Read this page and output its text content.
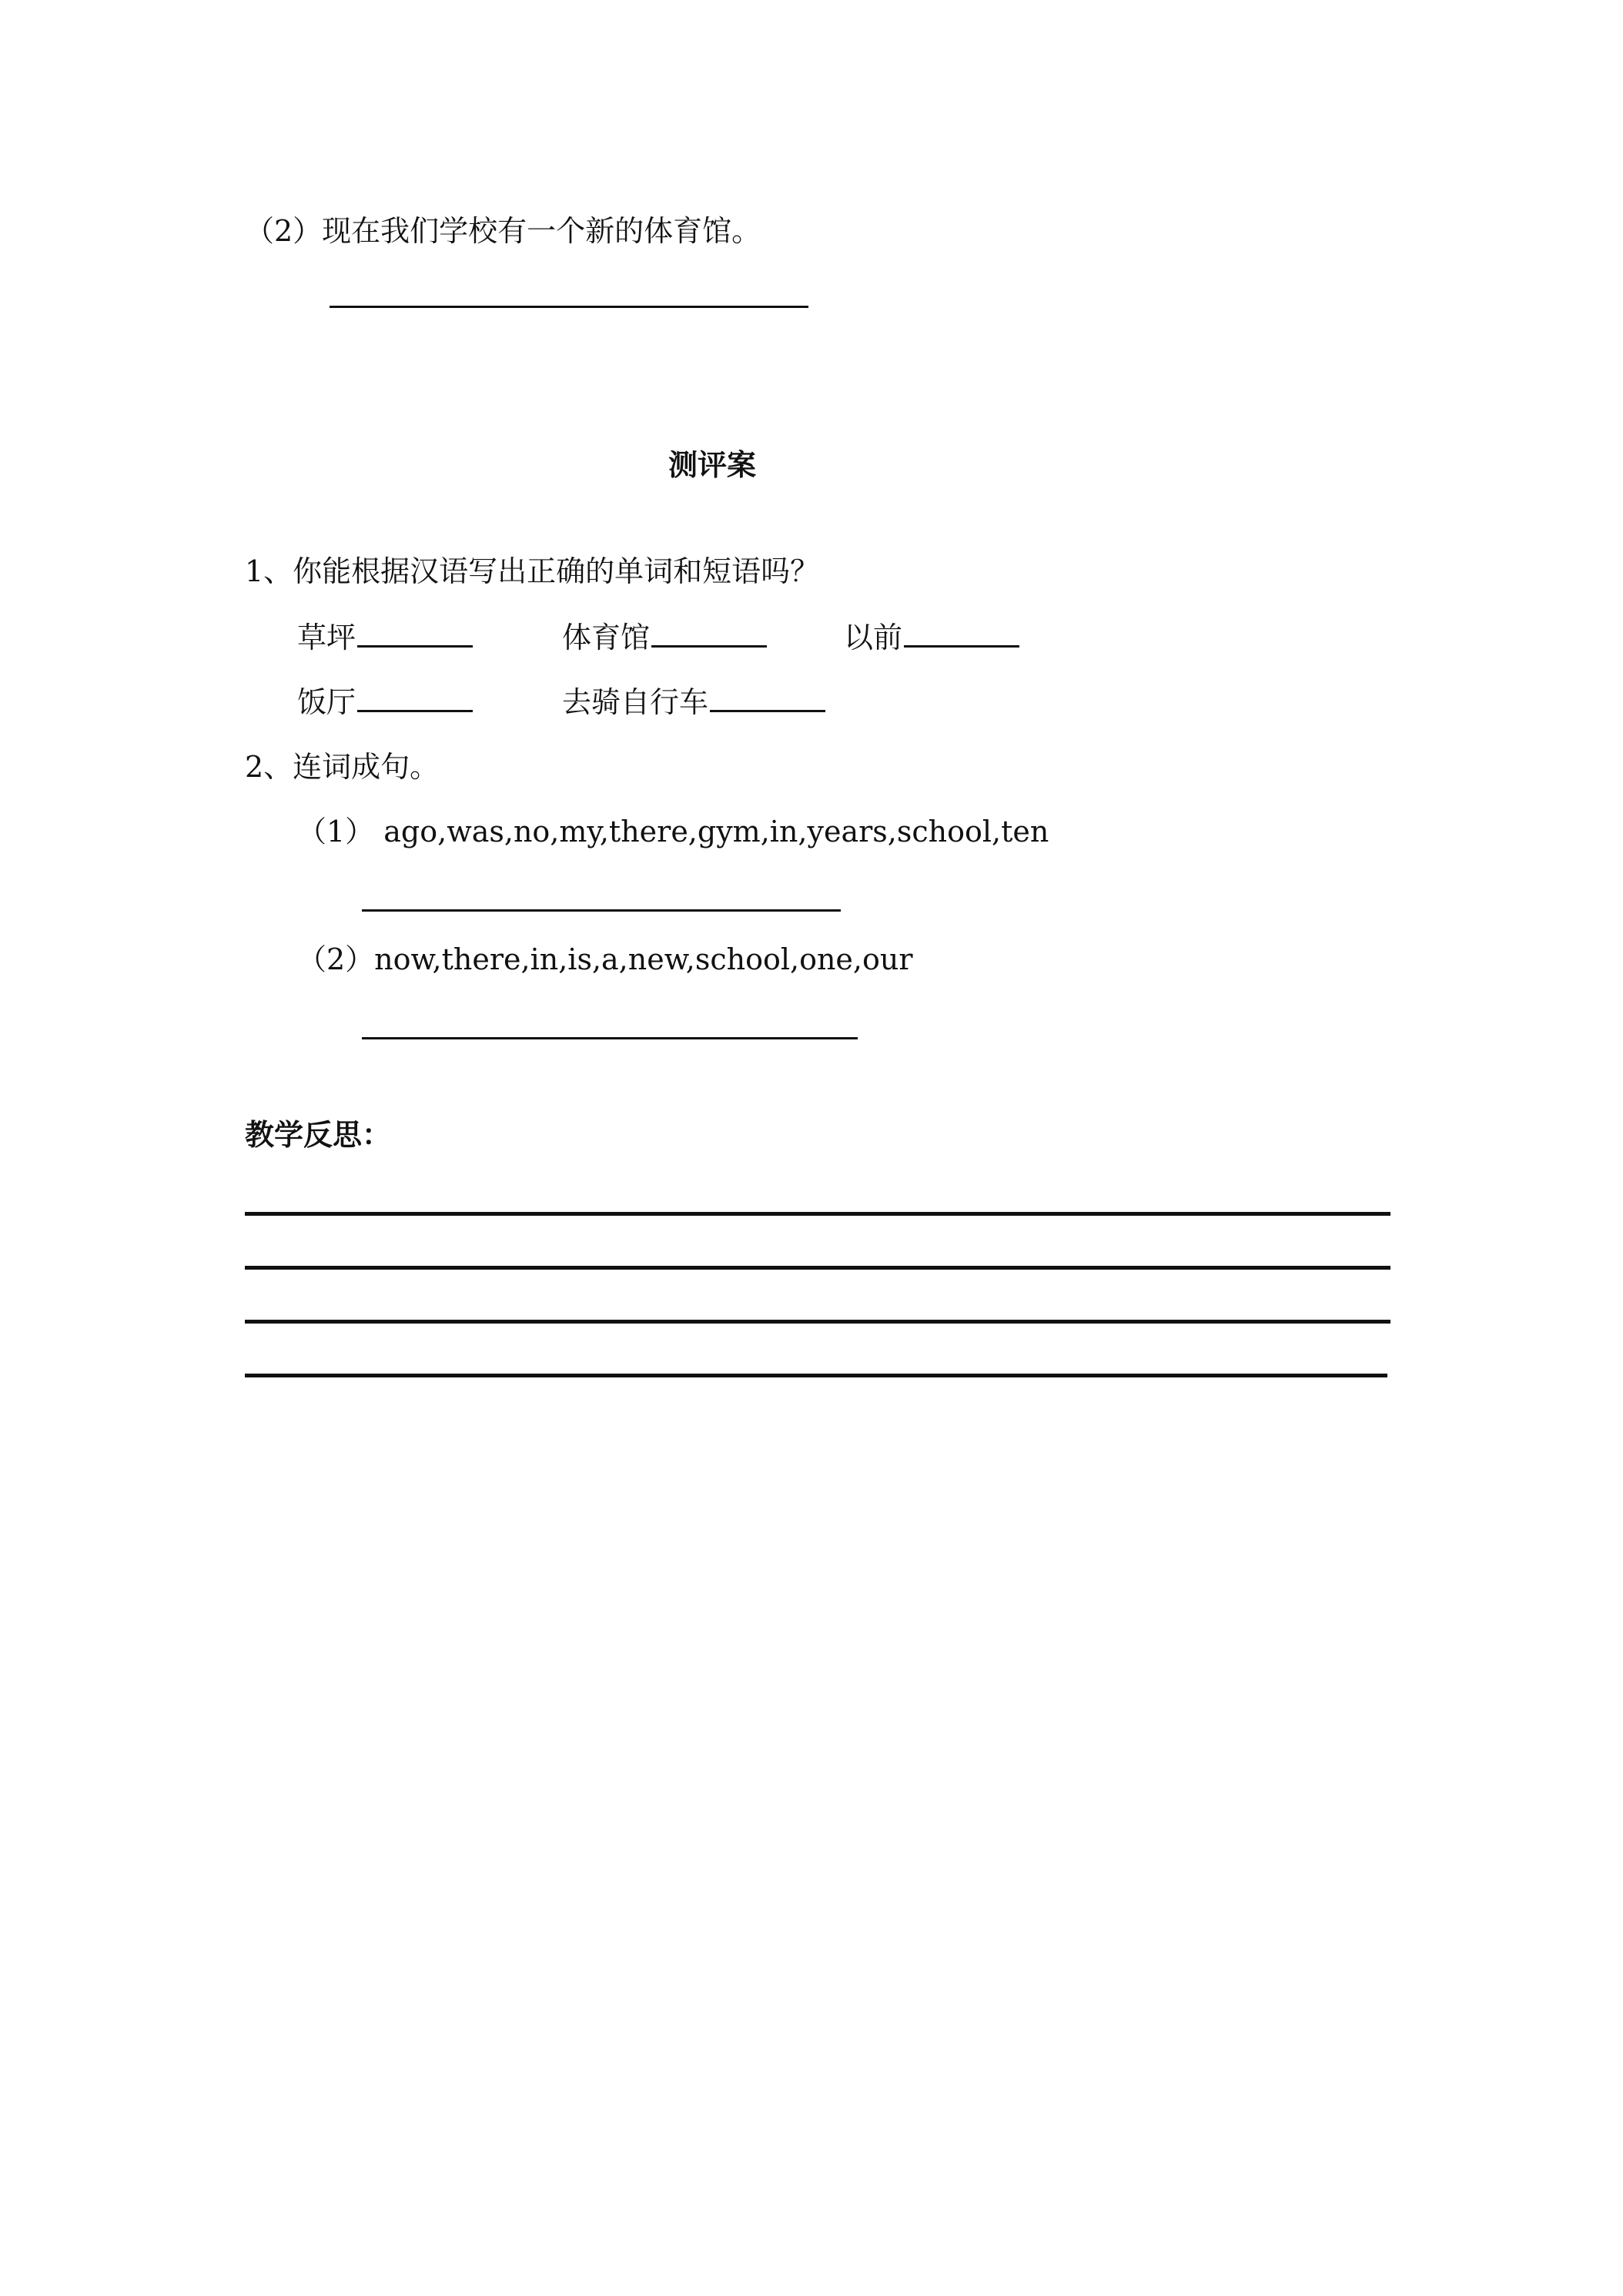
（2）现在我们学校有一个新的体育馆。
测评案
1、你能根据汉语写出正确的单词和短语吗？
草坪	体育馆	以前
饭厅	去骑自行车
2、连词成句。
（1） ago,was,no,my,there,gym,in,years,school,ten
（2）now,there,in,is,a,new,school,one,our
教学反思：
